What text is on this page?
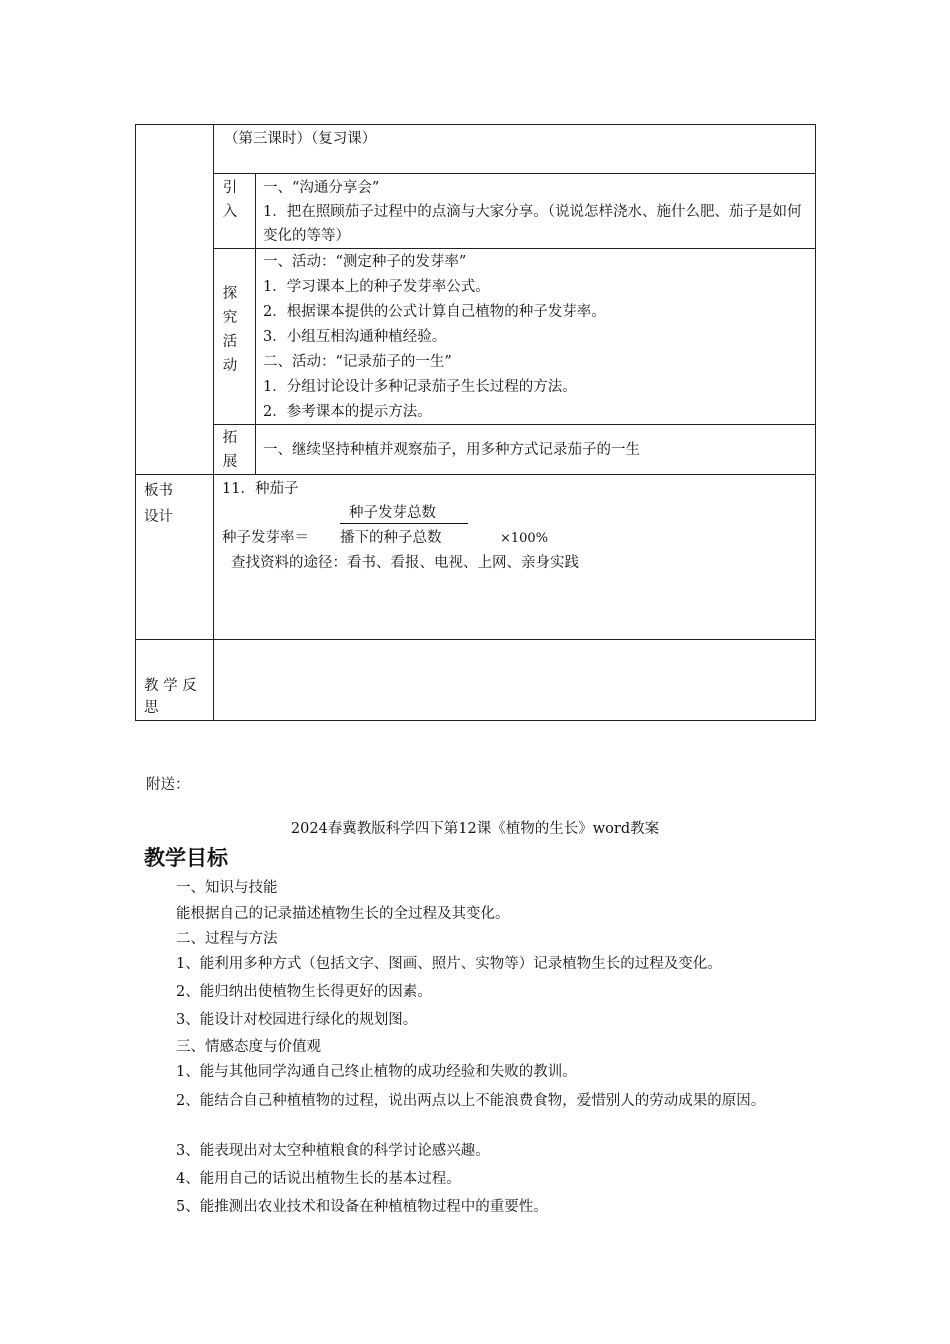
（第三课时）（复习课）
引
入
一、“沟通分享会”
1．把在照顾茄子过程中的点滴与大家分享。（说说怎样浇水、施什么肥、茄子是如何变化的等等）
探
究
活
动
一、活动：“测定种子的发芽率”
1．学习课本上的种子发芽率公式。
2．根据课本提供的公式计算自己植物的种子发芽率。
3．小组互相沟通种植经验。
二、活动：“记录茄子的一生”
1．分组讨论设计多种记录茄子生长过程的方法。
2．参考课本的提示方法。
拓
展
一、继续坚持种植并观察茄子，用多种方式记录茄子的一生
板书
设计
11．种茄子
种子发芽总数
种子发芽率＝ 播下的种子总数	×100%
查找资料的途径：看书、看报、电视、上网、亲身实践
教 学 反
思
附送：
2024春冀教版科学四下第12课《植物的生长》word教案
教学目标
一、知识与技能
能根据自己的记录描述植物生长的全过程及其变化。
二、过程与方法
1、能利用多种方式（包括文字、图画、照片、实物等）记录植物生长的过程及变化。
2、能归纳出使植物生长得更好的因素。
3、能设计对校园进行绿化的规划图。
三、情感态度与价值观
1、能与其他同学沟通自己终止植物的成功经验和失败的教训。
2、能结合自己种植植物的过程，说出两点以上不能浪费食物，爱惜别人的劳动成果的原因。
3、能表现出对太空种植粮食的科学讨论感兴趣。
4、能用自己的话说出植物生长的基本过程。
5、能推测出农业技术和设备在种植植物过程中的重要性。
